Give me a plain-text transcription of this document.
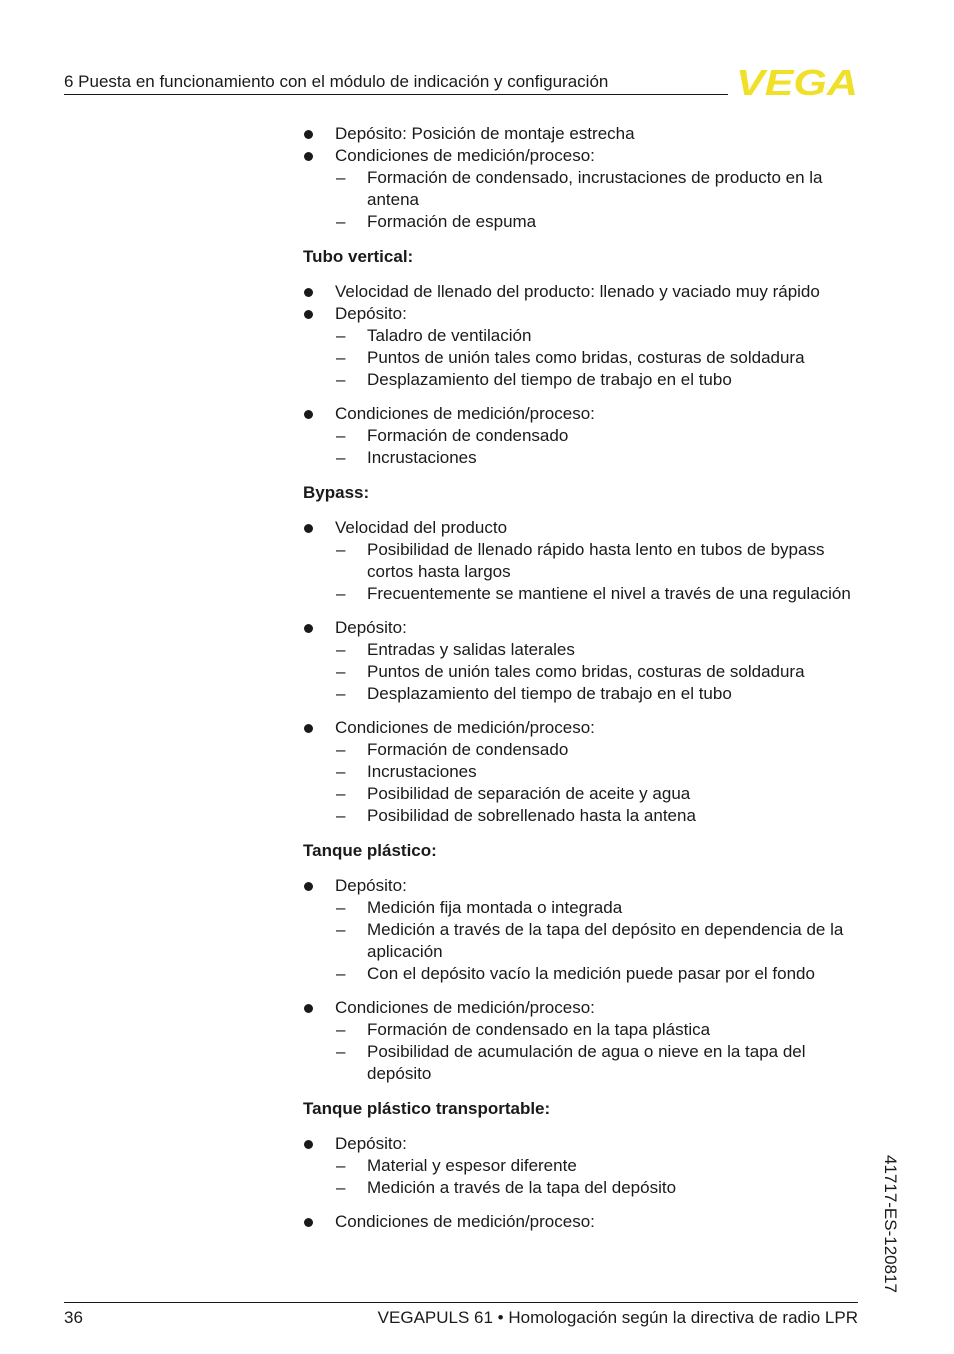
6 Puesta en funcionamiento con el módulo de indicación y configuración	VEGA
Depósito: Posición de montaje estrecha
Condiciones de medición/proceso:
– Formación de condensado, incrustaciones de producto en la antena
– Formación de espuma
Tubo vertical:
Velocidad de llenado del producto: llenado y vaciado muy rápido
Depósito:
– Taladro de ventilación
– Puntos de unión tales como bridas, costuras de soldadura
– Desplazamiento del tiempo de trabajo en el tubo
Condiciones de medición/proceso:
– Formación de condensado
– Incrustaciones
Bypass:
Velocidad del producto
– Posibilidad de llenado rápido hasta lento en tubos de bypass cortos hasta largos
– Frecuentemente se mantiene el nivel a través de una regulación
Depósito:
– Entradas y salidas laterales
– Puntos de unión tales como bridas, costuras de soldadura
– Desplazamiento del tiempo de trabajo en el tubo
Condiciones de medición/proceso:
– Formación de condensado
– Incrustaciones
– Posibilidad de separación de aceite y agua
– Posibilidad de sobrellenado hasta la antena
Tanque plástico:
Depósito:
– Medición fija montada o integrada
– Medición a través de la tapa del depósito en dependencia de la aplicación
– Con el depósito vacío la medición puede pasar por el fondo
Condiciones de medición/proceso:
– Formación de condensado en la tapa plástica
– Posibilidad de acumulación de agua o nieve en la tapa del depósito
Tanque plástico transportable:
Depósito:
– Material y espesor diferente
– Medición a través de la tapa del depósito
Condiciones de medición/proceso:	41717-ES-120817
36	VEGAPULS 61 • Homologación según la directiva de radio LPR
